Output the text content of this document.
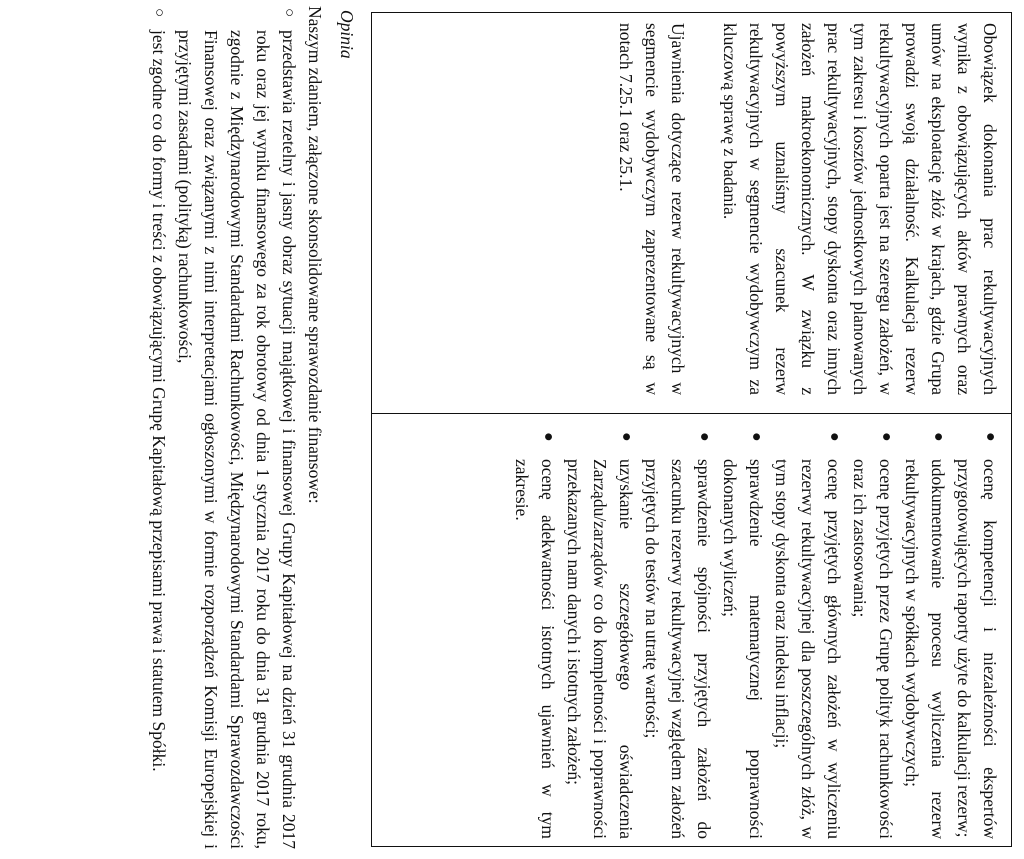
Obowiązek dokonania prac rekultywacyjnych wynika z obowiązujących aktów prawnych oraz umów na eksploatację złóż w krajach, gdzie Grupa prowadzi swoją działalność. Kalkulacja rezerw rekultywacyjnych oparta jest na szeregu założeń, w tym zakresu i kosztów jednostkowych planowanych prac rekultywacyjnych, stopy dyskonta oraz innych założeń makroekonomicznych. W związku z powyższym uznaliśmy szacunek rezerw rekultywacyjnych w segmencie wydobywczym za kluczową sprawę z badania.

Ujawnienia dotyczące rezerw rekultywacyjnych w segmencie wydobywczym zaprezentowane są w notach 7.25.1 oraz 25.1.

●
ocenę kompetencji i niezależności ekspertów przygotowujących raporty użyte do kalkulacji rezerw;
●
udokumentowanie procesu wyliczenia rezerw rekultywacyjnych w spółkach wydobywczych;
●
ocenę przyjętych przez Grupę polityk rachunkowości oraz ich zastosowania;
●
ocenę przyjętych głównych założeń w wyliczeniu rezerwy rekultywacyjnej dla poszczególnych złóż, w tym stopy dyskonta oraz indeksu inflacji;
●
sprawdzenie matematycznej poprawności dokonanych wyliczeń;
●
sprawdzenie spójności przyjętych założeń do szacunku rezerwy rekultywacyjnej względem założeń przyjętych do testów na utratę wartości;
●
uzyskanie szczegółowego oświadczenia Zarządu/zarządów co do kompletności i poprawności przekazanych nam danych i istotnych założeń;
●
ocenę adekwatności istotnych ujawnień w tym zakresie.

Opinia

Naszym zdaniem, załączone skonsolidowane sprawozdanie finansowe:

○
przedstawia rzetelny i jasny obraz sytuacji majątkowej i finansowej Grupy Kapitałowej na dzień 31 grudnia 2017 roku oraz jej wyniku finansowego za rok obrotowy od dnia 1 stycznia 2017 roku do dnia 31 grudnia 2017 roku, zgodnie z Międzynarodowymi Standardami Rachunkowości, Międzynarodowymi Standardami Sprawozdawczości Finansowej oraz związanymi z nimi interpretacjami ogłoszonymi w formie rozporządzeń Komisji Europejskiej i przyjętymi zasadami (polityką) rachunkowości,
○
jest zgodne co do formy i treści z obowiązującymi Grupę Kapitałową przepisami prawa i statutem Spółki.
